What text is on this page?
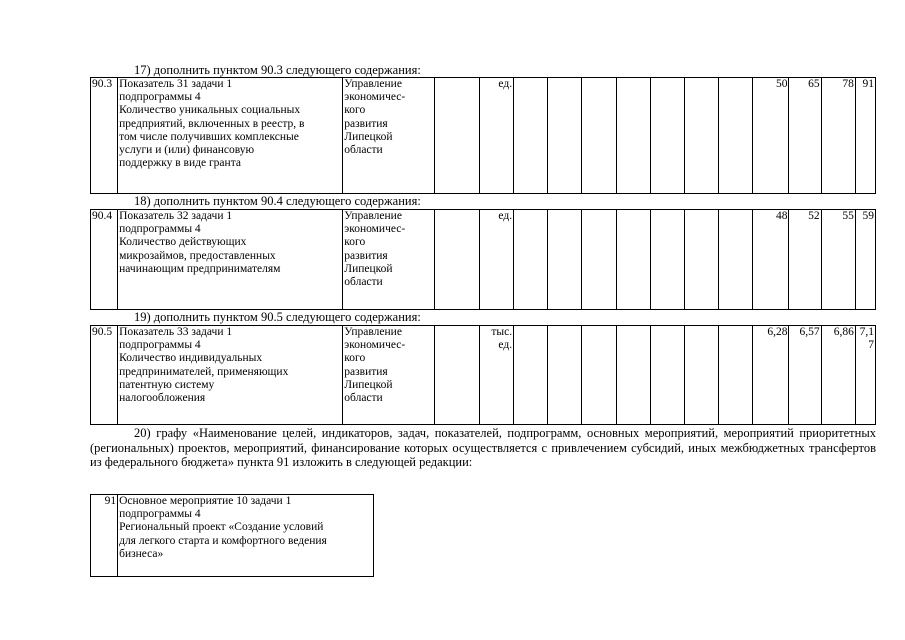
17) дополнить пунктом 90.3 следующего содержания:
90.3	Показатель 31 задачи 1
подпрограммы 4
Количество уникальных социальных
предприятий, включенных в реестр, в
том числе получивших комплексные
услуги и (или) финансовую
поддержку в виде гранта	Управление
экономичес-
кого
развития
Липецкой
области		ед.								50	65	78	91
18) дополнить пунктом 90.4 следующего содержания:
90.4	Показатель 32 задачи 1
подпрограммы 4
Количество действующих
микрозаймов, предоставленных
начинающим предпринимателям	Управление
экономичес-
кого
развития
Липецкой
области		ед.								48	52	55	59
19) дополнить пунктом 90.5 следующего содержания:
90.5	Показатель 33 задачи 1
подпрограммы 4
Количество индивидуальных
предпринимателей, применяющих
патентную систему
налогообложения	Управление
экономичес-
кого
развития
Липецкой
области		тыс.
ед.								6,28	6,57	6,86	7,1
7
20) графу «Наименование целей, индикаторов, задач, показателей, подпрограмм, основных мероприятий, мероприятий приоритетных (региональных) проектов, мероприятий, финансирование которых осуществляется с привлечением субсидий, иных межбюджетных трансфертов из федерального бюджета» пункта 91 изложить в следующей редакции:
91	Основное мероприятие 10 задачи 1
подпрограммы 4
Региональный проект «Создание условий
для легкого старта и комфортного ведения
бизнеса»
